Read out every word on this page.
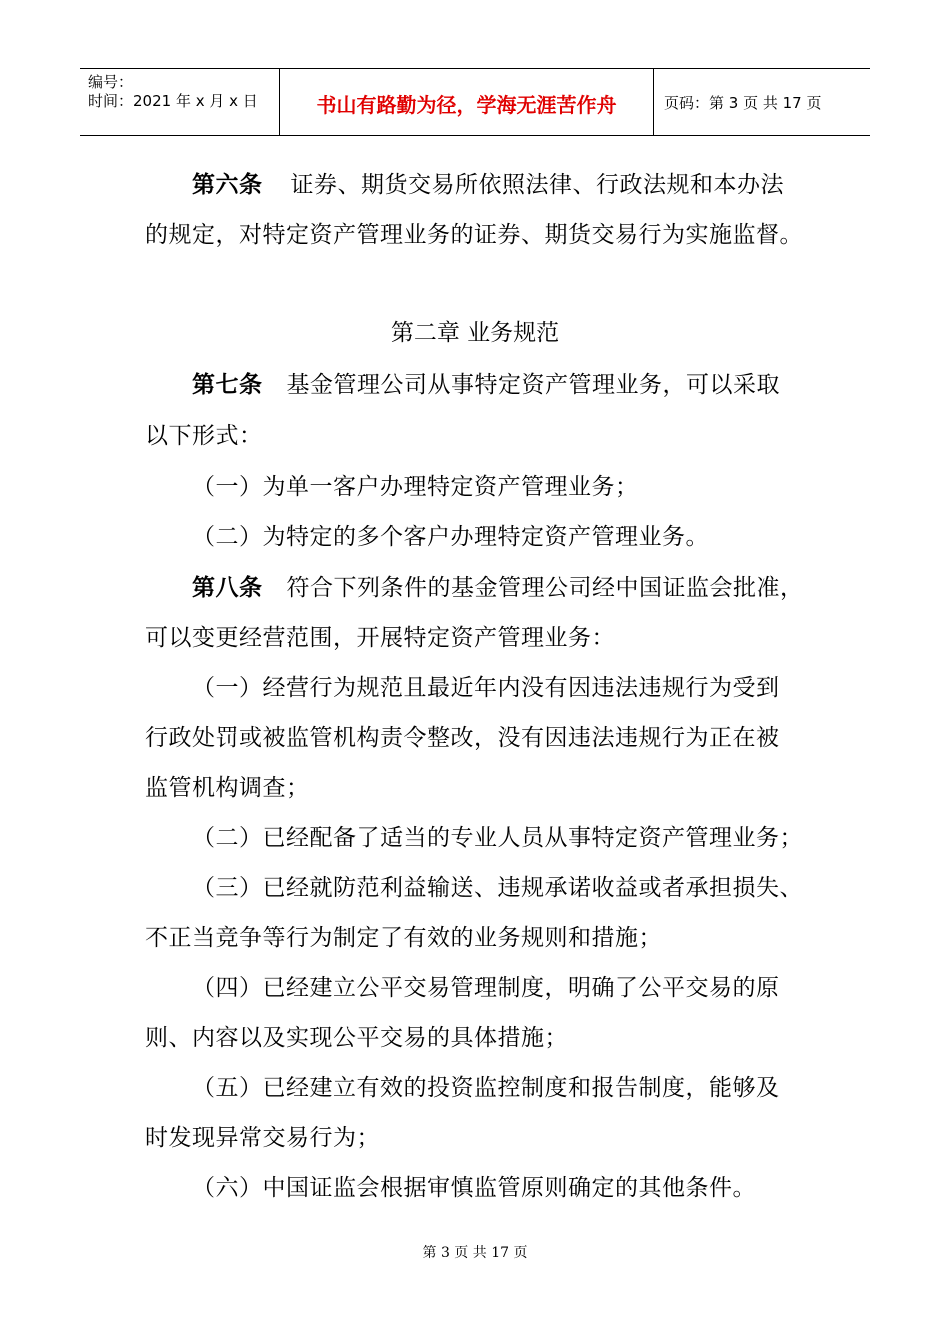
编号：
时间：2021 年 x 月 x 日	书山有路勤为径，学海无涯苦作舟	页码：第 3 页 共 17 页
第六条 证券、期货交易所依照法律、行政法规和本办法
的规定，对特定资产管理业务的证券、期货交易行为实施监督。
第二章 业务规范
第七条 基金管理公司从事特定资产管理业务，可以采取
以下形式：
（一）为单一客户办理特定资产管理业务；
（二）为特定的多个客户办理特定资产管理业务。
第八条 符合下列条件的基金管理公司经中国证监会批准，
可以变更经营范围，开展特定资产管理业务：
（一）经营行为规范且最近年内没有因违法违规行为受到
行政处罚或被监管机构责令整改，没有因违法违规行为正在被
监管机构调查；
（二）已经配备了适当的专业人员从事特定资产管理业务；
（三）已经就防范利益输送、违规承诺收益或者承担损失、
不正当竞争等行为制定了有效的业务规则和措施；
（四）已经建立公平交易管理制度，明确了公平交易的原
则、内容以及实现公平交易的具体措施；
（五）已经建立有效的投资监控制度和报告制度，能够及
时发现异常交易行为；
（六）中国证监会根据审慎监管原则确定的其他条件。
第 3 页 共 17 页
